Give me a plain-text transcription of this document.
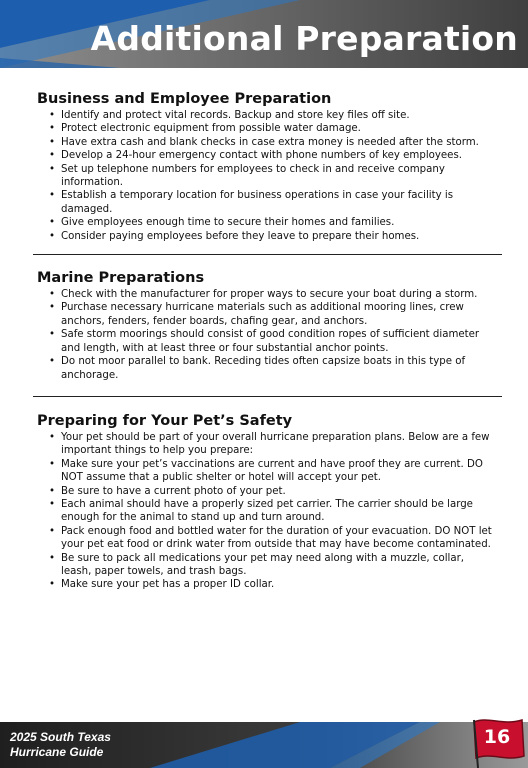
Additional Preparation
Business and Employee Preparation
• Identify and protect vital records. Backup and store key files off site.
• Protect electronic equipment from possible water damage.
• Have extra cash and blank checks in case extra money is needed after the storm.
• Develop a 24-hour emergency contact with phone numbers of key employees.
• Set up telephone numbers for employees to check in and receive company information.
• Establish a temporary location for business operations in case your facility is damaged.
• Give employees enough time to secure their homes and families.
• Consider paying employees before they leave to prepare their homes.
Marine Preparations
• Check with the manufacturer for proper ways to secure your boat during a storm.
• Purchase necessary hurricane materials such as additional mooring lines, crew anchors, fenders, fender boards, chafing gear, and anchors.
• Safe storm moorings should consist of good condition ropes of sufficient diameter and length, with at least three or four substantial anchor points.
• Do not moor parallel to bank. Receding tides often capsize boats in this type of anchorage.
Preparing for Your Pet’s Safety
• Your pet should be part of your overall hurricane preparation plans. Below are a few important things to help you prepare:
• Make sure your pet’s vaccinations are current and have proof they are current. DO NOT assume that a public shelter or hotel will accept your pet.
• Be sure to have a current photo of your pet.
• Each animal should have a properly sized pet carrier. The carrier should be large enough for the animal to stand up and turn around.
• Pack enough food and bottled water for the duration of your evacuation. DO NOT let your pet eat food or drink water from outside that may have become contaminated.
• Be sure to pack all medications your pet may need along with a muzzle, collar, leash, paper towels, and trash bags.
• Make sure your pet has a proper ID collar.
2025 South Texas
Hurricane Guide
16
